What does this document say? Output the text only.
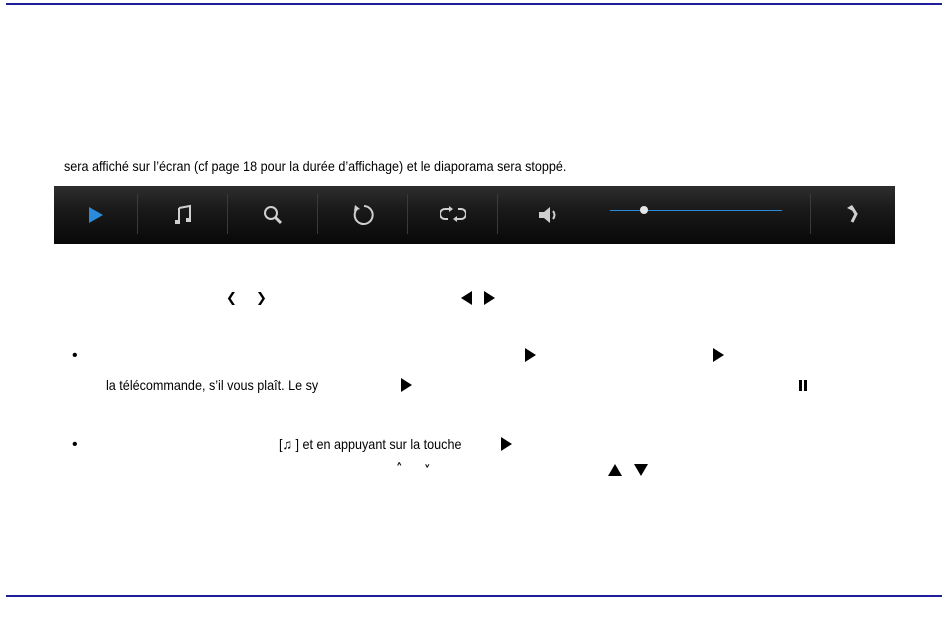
sera affiché sur l’écran (cf page 18 pour la durée d’affichage) et le diaporama sera stoppé.
❮ ❯
•
la télécommande, s’il vous plaît. Le sy
•	[♫ ] et en appuyant sur la touche
˄ ˅
